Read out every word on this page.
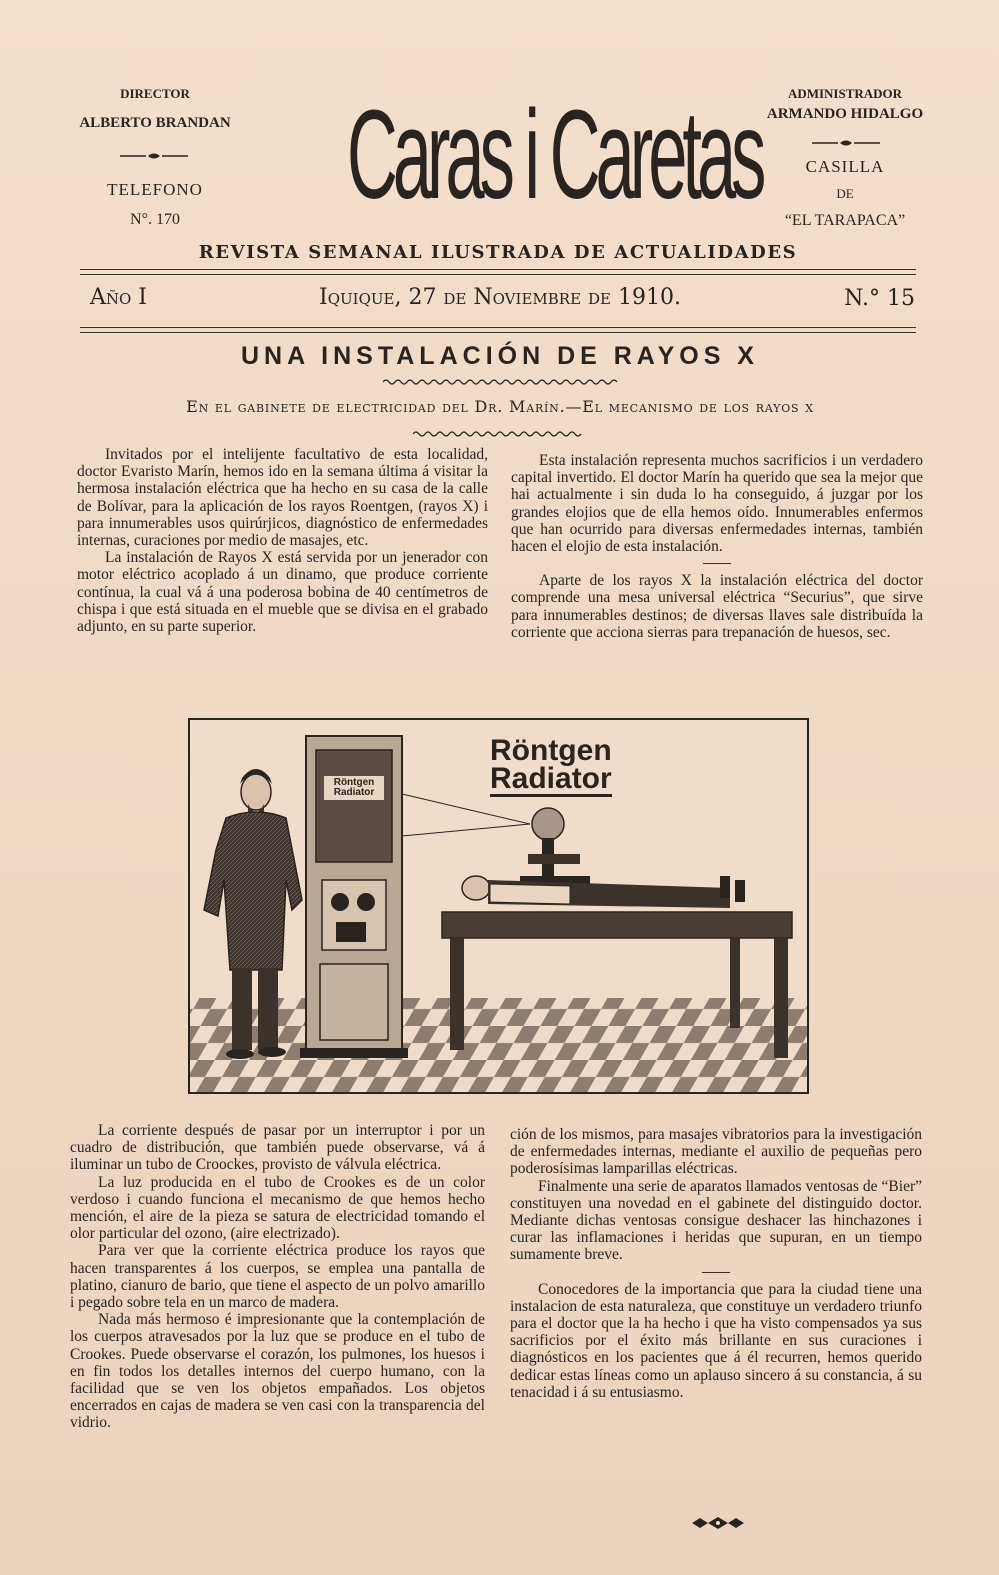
DIRECTOR
ALBERTO BRANDAN
TELEFONO
N°. 170	Caras i Caretas	ADMINISTRADOR
ARMANDO HIDALGO
CASILLA
DE
“EL TARAPACA”
REVISTA SEMANAL ILUSTRADA DE ACTUALIDADES
Año I	Iquique, 27 de Noviembre de 1910.	N.° 15
UNA INSTALACIÓN DE RAYOS X
En el gabinete de electricidad del Dr. Marín.—El mecanismo de los rayos x

Invitados por el intelijente facultativo de esta localidad, doctor Evaristo Marín, hemos ido en la semana última á visitar la hermosa instalación eléctrica que ha hecho en su casa de la calle de Bolívar, para la aplicación de los rayos Roentgen, (rayos X) i para innumerables usos quirúrjicos, diagnóstico de enfermedades internas, curaciones por medio de masajes, etc.

La instalación de Rayos X está servida por un jenerador con motor eléctrico acoplado á un dinamo, que produce corriente contínua, la cual vá á una poderosa bobina de 40 centímetros de chispa i que está situada en el mueble que se divisa en el grabado adjunto, en su parte superior.

Esta instalación representa muchos sacrificios i un verdadero capital invertido. El doctor Marín ha querido que sea la mejor que hai actualmente i sin duda lo ha conseguido, á juzgar por los grandes elojios que de ella hemos oído. Innumerables enfermos que han ocurrido para diversas enfermedades internas, también hacen el elojio de esta instalación.

Aparte de los rayos X la instalación eléctrica del doctor comprende una mesa universal eléctrica “Securius”, que sirve para innumerables destinos; de diversas llaves sale distribuída la corriente que acciona sierras para trepanación de huesos, sec.

Röntgen
Radiator
Röntgen
Radiator

La corriente después de pasar por un interruptor i por un cuadro de distribución, que también puede observarse, vá á iluminar un tubo de Croockes, provisto de válvula eléctrica.

La luz producida en el tubo de Crookes es de un color verdoso i cuando funciona el mecanismo de que hemos hecho mención, el aire de la pieza se satura de electricidad tomando el olor particular del ozono, (aire electrizado).

Para ver que la corriente eléctrica produce los rayos que hacen transparentes á los cuerpos, se emplea una pantalla de platino, cianuro de bario, que tiene el aspecto de un polvo amarillo i pegado sobre tela en un marco de madera.

Nada más hermoso é impresionante que la contemplación de los cuerpos atravesados por la luz que se produce en el tubo de Crookes. Puede observarse el corazón, los pulmones, los huesos i en fin todos los detalles internos del cuerpo humano, con la facilidad que se ven los objetos empañados. Los objetos encerrados en cajas de madera se ven casi con la transparencia del vidrio.

ción de los mismos, para masajes vibratorios para la investigación de enfermedades internas, mediante el auxilio de pequeñas pero poderosísimas lamparillas eléctricas.

Finalmente una serie de aparatos llamados ventosas de “Bier” constituyen una novedad en el gabinete del distinguido doctor. Mediante dichas ventosas consigue deshacer las hinchazones i curar las inflamaciones i heridas que supuran, en un tiempo sumamente breve.

Conocedores de la importancia que para la ciudad tiene una instalacion de esta naturaleza, que constituye un verdadero triunfo para el doctor que la ha hecho i que ha visto compensados ya sus sacrificios por el éxito más brillante en sus curaciones i diagnósticos en los pacientes que á él recurren, hemos querido dedicar estas líneas como un aplauso sincero á su constancia, á su tenacidad i á su entusiasmo.
